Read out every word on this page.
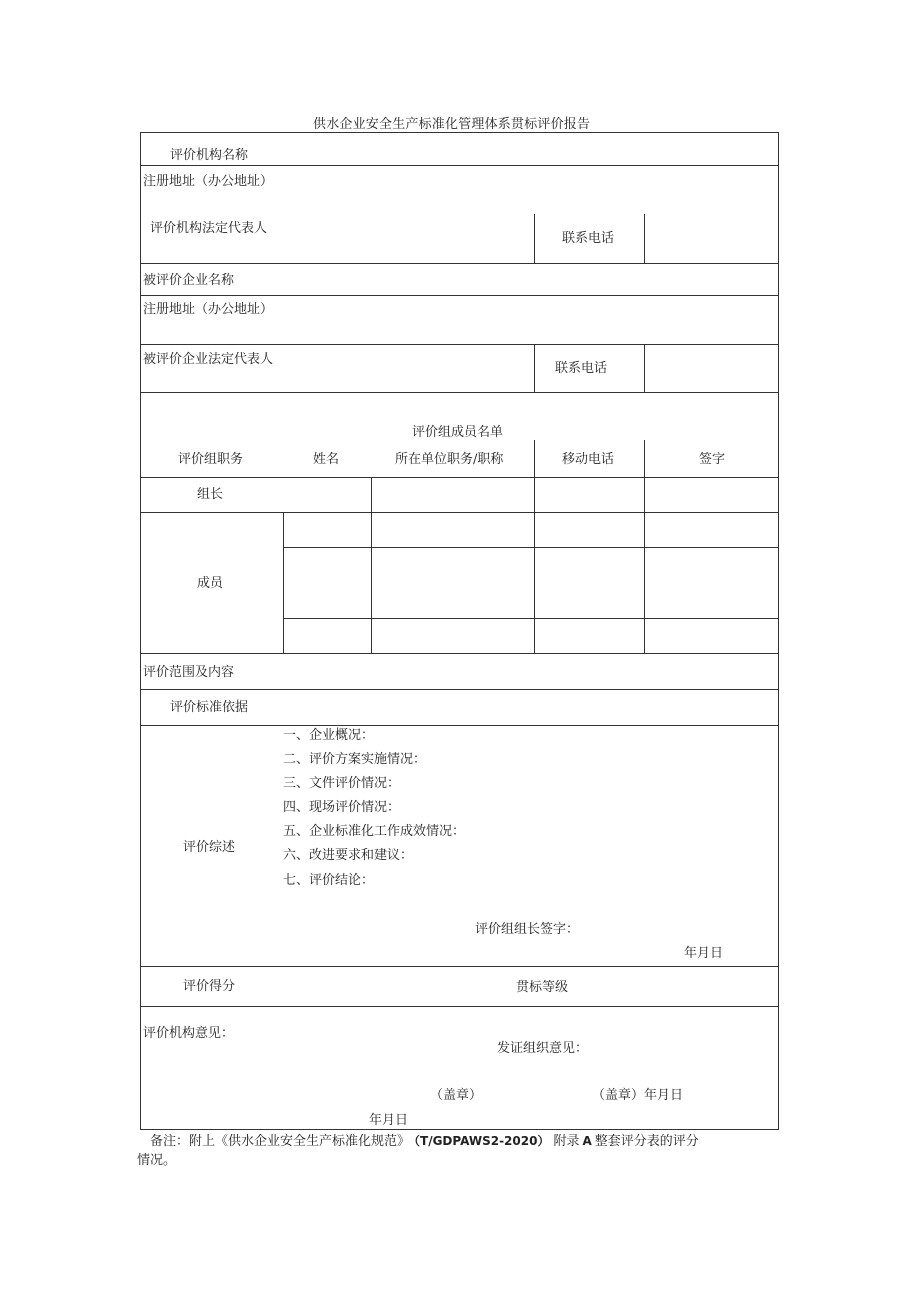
供水企业安全生产标准化管理体系贯标评价报告
评价机构名称
注册地址（办公地址）
评价机构法定代表人
联系电话
被评价企业名称
注册地址（办公地址）
被评价企业法定代表人
联系电话
评价组成员名单
评价组职务	姓名	所在单位职务/职称	移动电话	签字
组长
成员
评价范围及内容
评价标准依据
评价综述
一、企业概况：
二、评价方案实施情况：
三、文件评价情况：
四、现场评价情况：
五、企业标准化工作成效情况：
六、改进要求和建议：
七、评价结论：
评价组组长签字：
年月日
评价得分	贯标等级
评价机构意见：
发证组织意见：
（盖章）	（盖章）年月日
年月日
备注：附上《供水企业安全生产标准化规范》 （T/GDPAWS2-2020） 附录 A 整套评分表的评分
情况。
